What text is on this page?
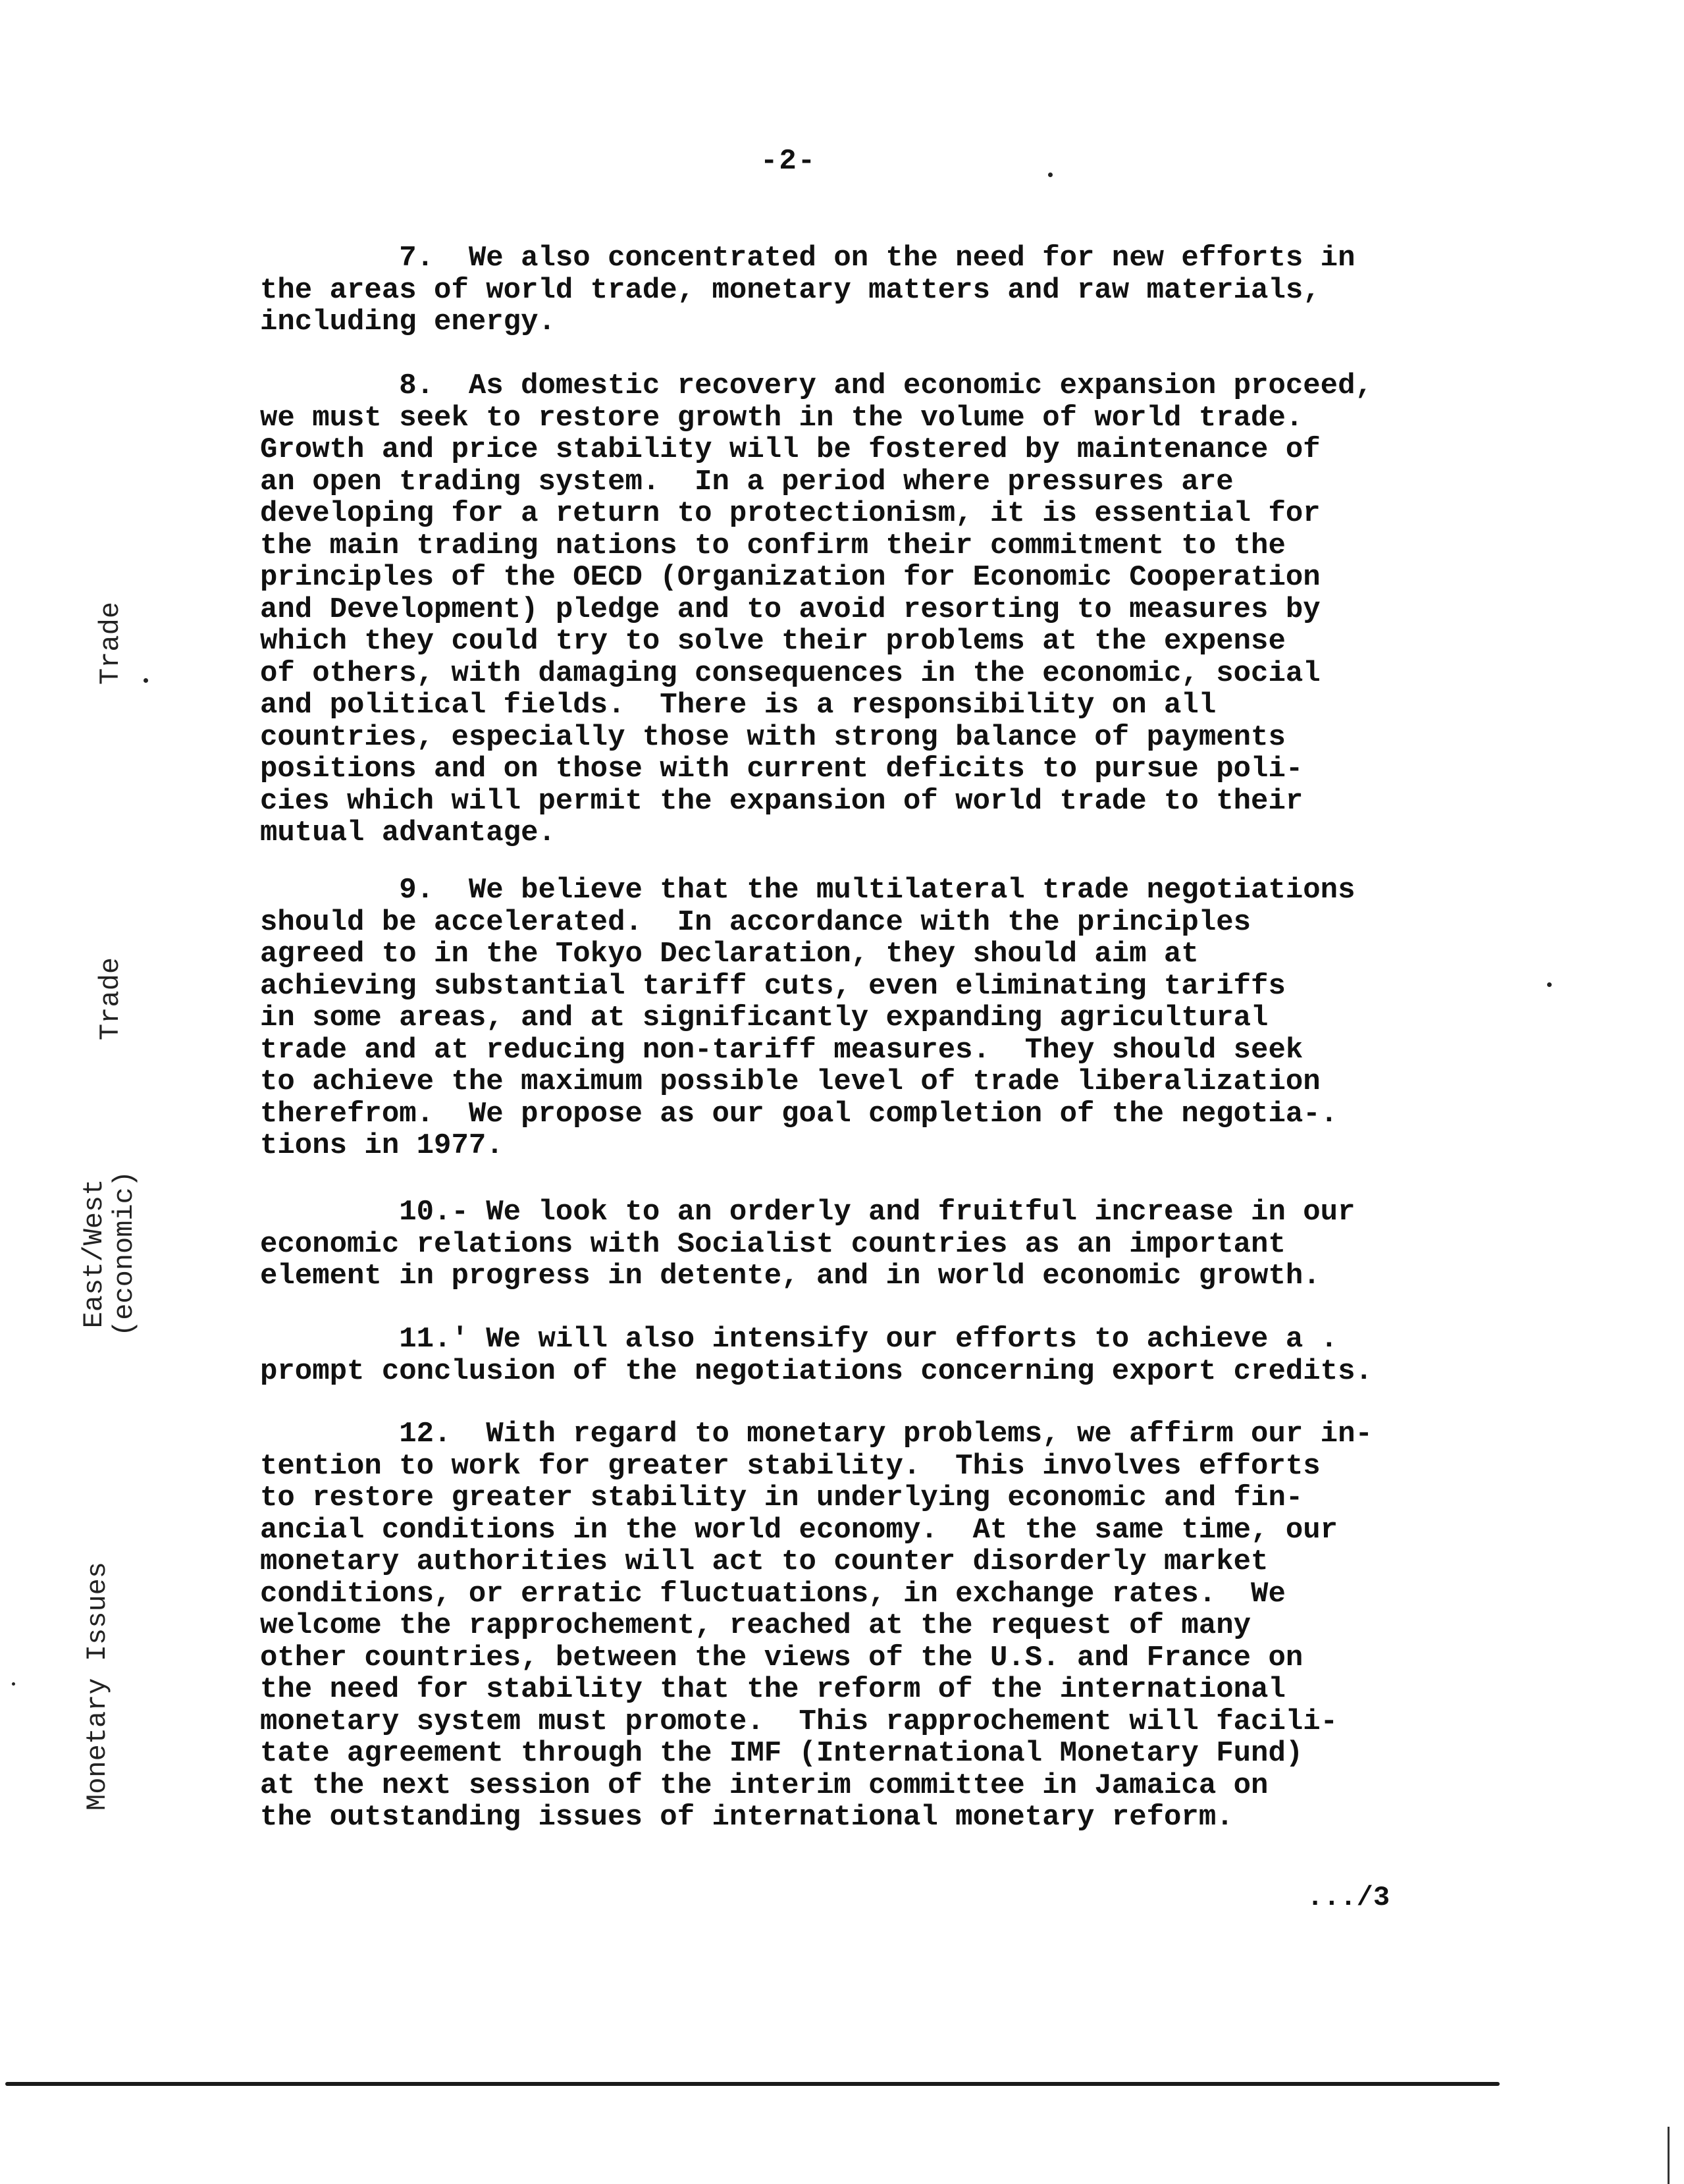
-2-

7.  We also concentrated on the need for new efforts in
the areas of world trade, monetary matters and raw materials,
including energy.

8.  As domestic recovery and economic expansion proceed,
we must seek to restore growth in the volume of world trade.
Growth and price stability will be fostered by maintenance of
an open trading system.  In a period where pressures are
developing for a return to protectionism, it is essential for
the main trading nations to confirm their commitment to the
principles of the OECD (Organization for Economic Cooperation
and Development) pledge and to avoid resorting to measures by
which they could try to solve their problems at the expense
of others, with damaging consequences in the economic, social
and political fields.  There is a responsibility on all
countries, especially those with strong balance of payments
positions and on those with current deficits to pursue poli-
cies which will permit the expansion of world trade to their
mutual advantage.

9.  We believe that the multilateral trade negotiations
should be accelerated.  In accordance with the principles
agreed to in the Tokyo Declaration, they should aim at
achieving substantial tariff cuts, even eliminating tariffs
in some areas, and at significantly expanding agricultural
trade and at reducing non-tariff measures.  They should seek
to achieve the maximum possible level of trade liberalization
therefrom.  We propose as our goal completion of the negotia-.
tions in 1977.

10.- We look to an orderly and fruitful increase in our
economic relations with Socialist countries as an important
element in progress in detente, and in world economic growth.

11.' We will also intensify our efforts to achieve a .
prompt conclusion of the negotiations concerning export credits.

12.  With regard to monetary problems, we affirm our in-
tention to work for greater stability.  This involves efforts
to restore greater stability in underlying economic and fin-
ancial conditions in the world economy.  At the same time, our
monetary authorities will act to counter disorderly market
conditions, or erratic fluctuations, in exchange rates.  We
welcome the rapprochement, reached at the request of many
other countries, between the views of the U.S. and France on
the need for stability that the reform of the international
monetary system must promote.  This rapprochement will facili-
tate agreement through the IMF (International Monetary Fund)
at the next session of the interim committee in Jamaica on
the outstanding issues of international monetary reform.

Trade
Trade
East/West
(economic)
Monetary Issues
.../3
